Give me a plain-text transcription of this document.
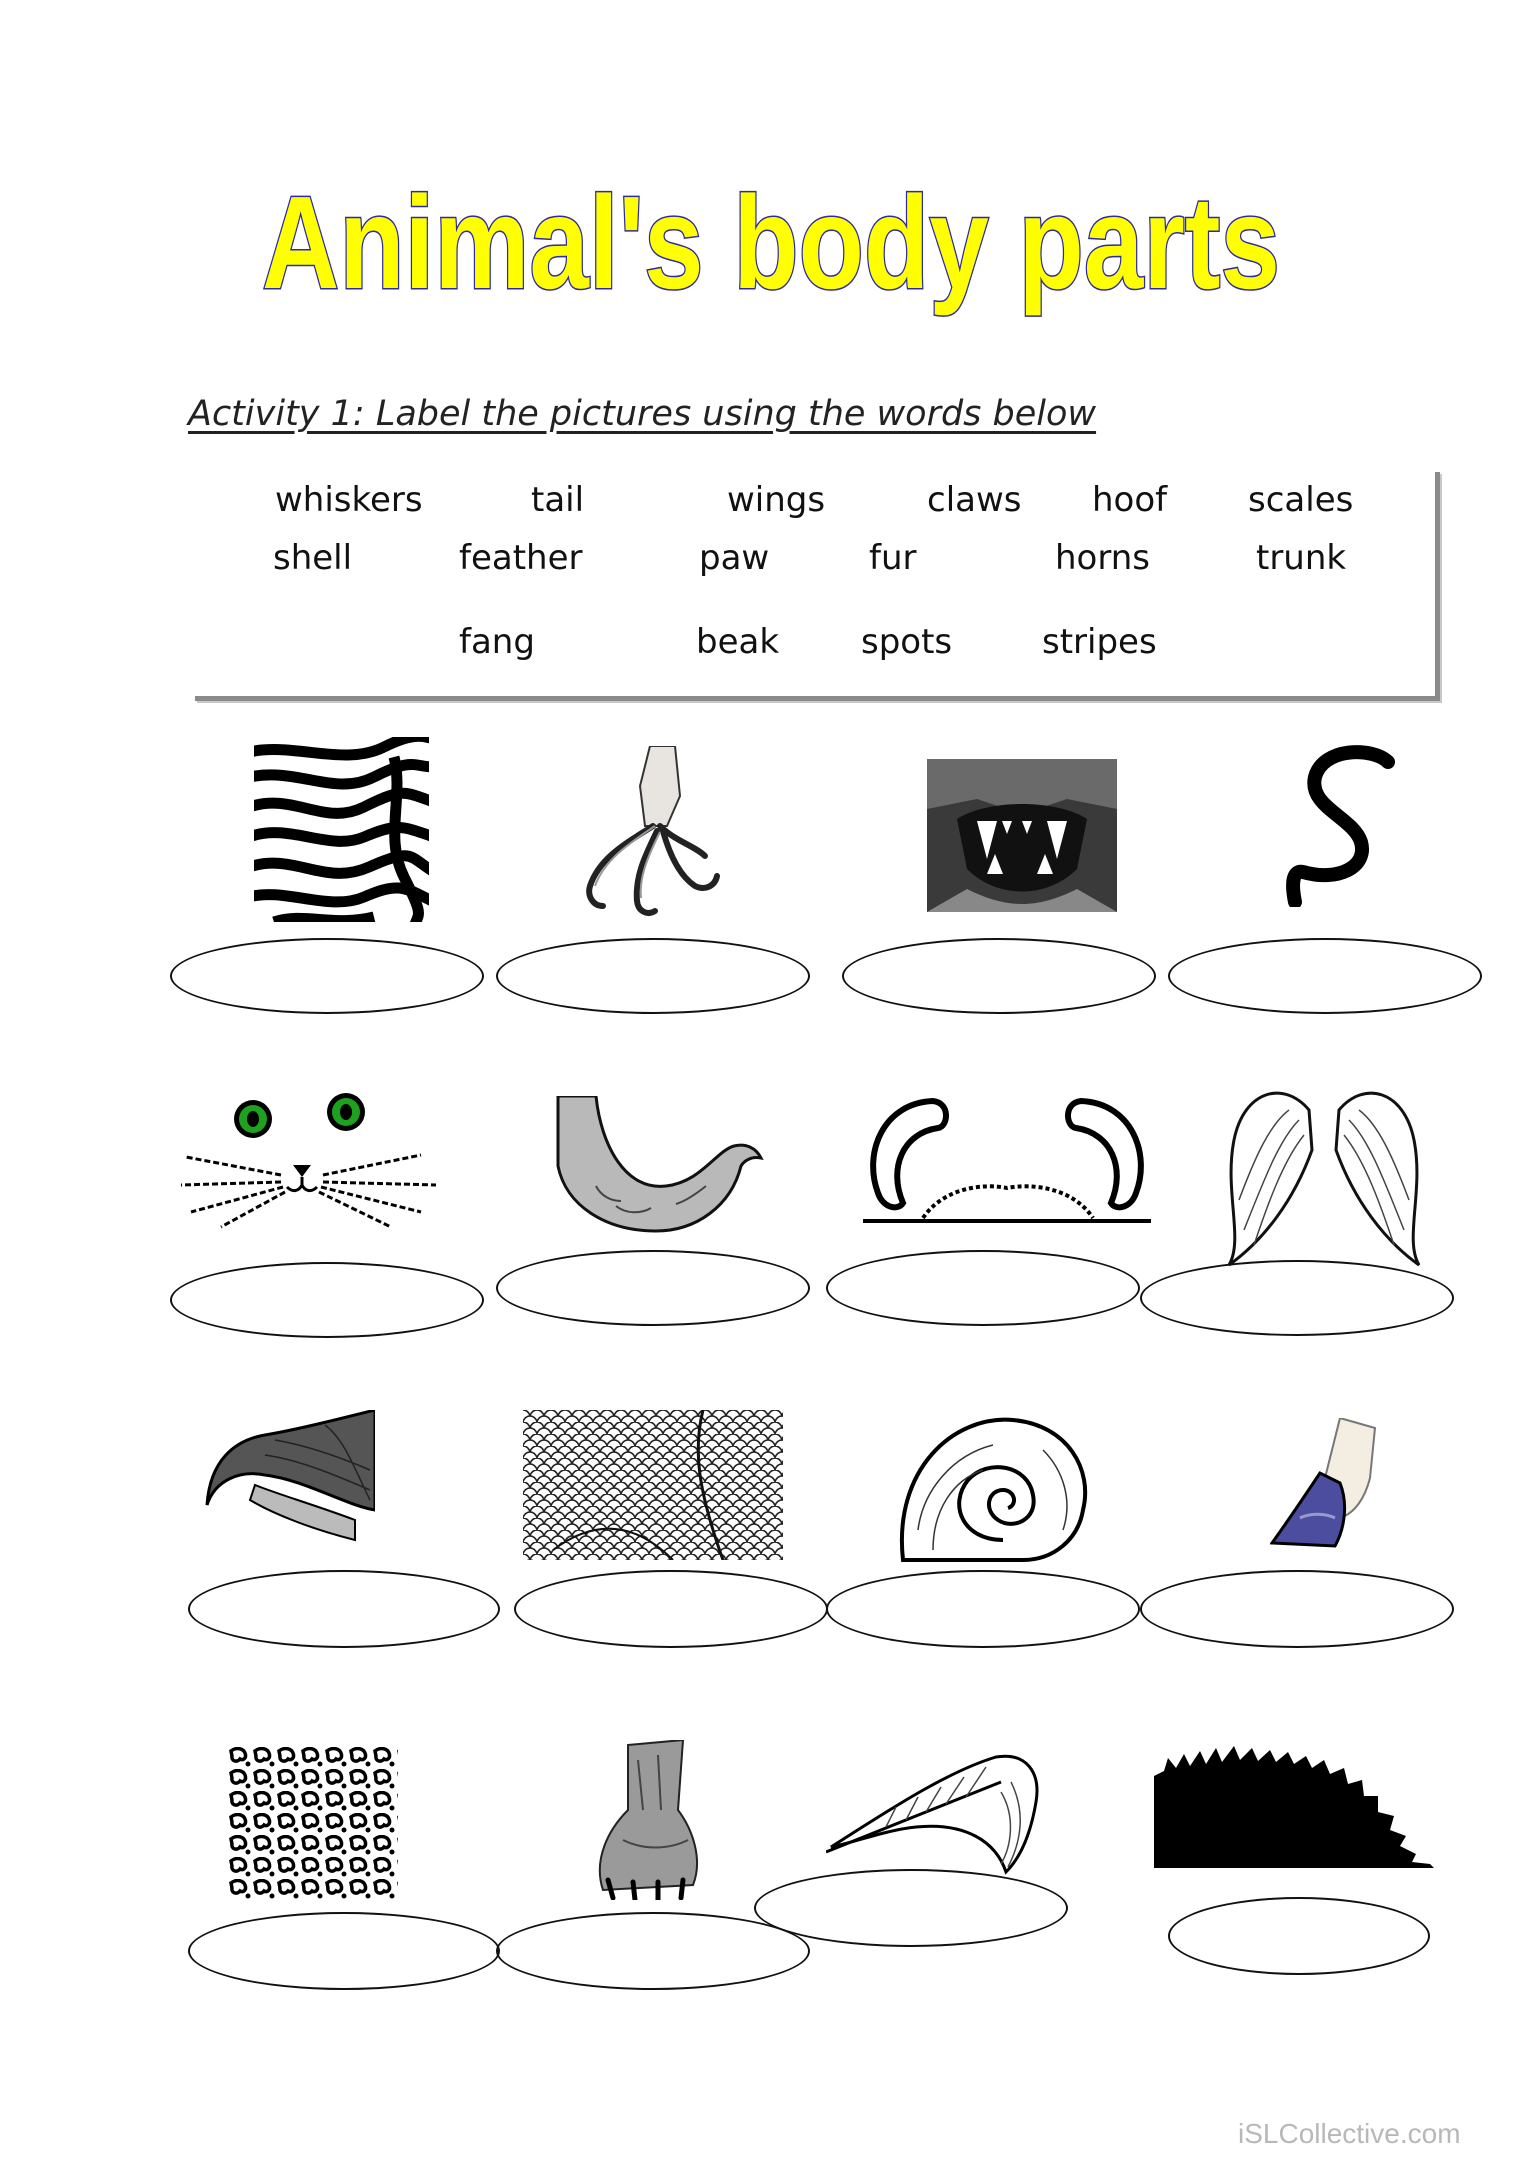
Animal's body parts
Activity 1: Label the pictures using the words below
whiskers	tail	wings	claws hoof scales
shell	feather	paw	fur	horns	trunk
fang	beak spots	stripes
iSLCollective.com
